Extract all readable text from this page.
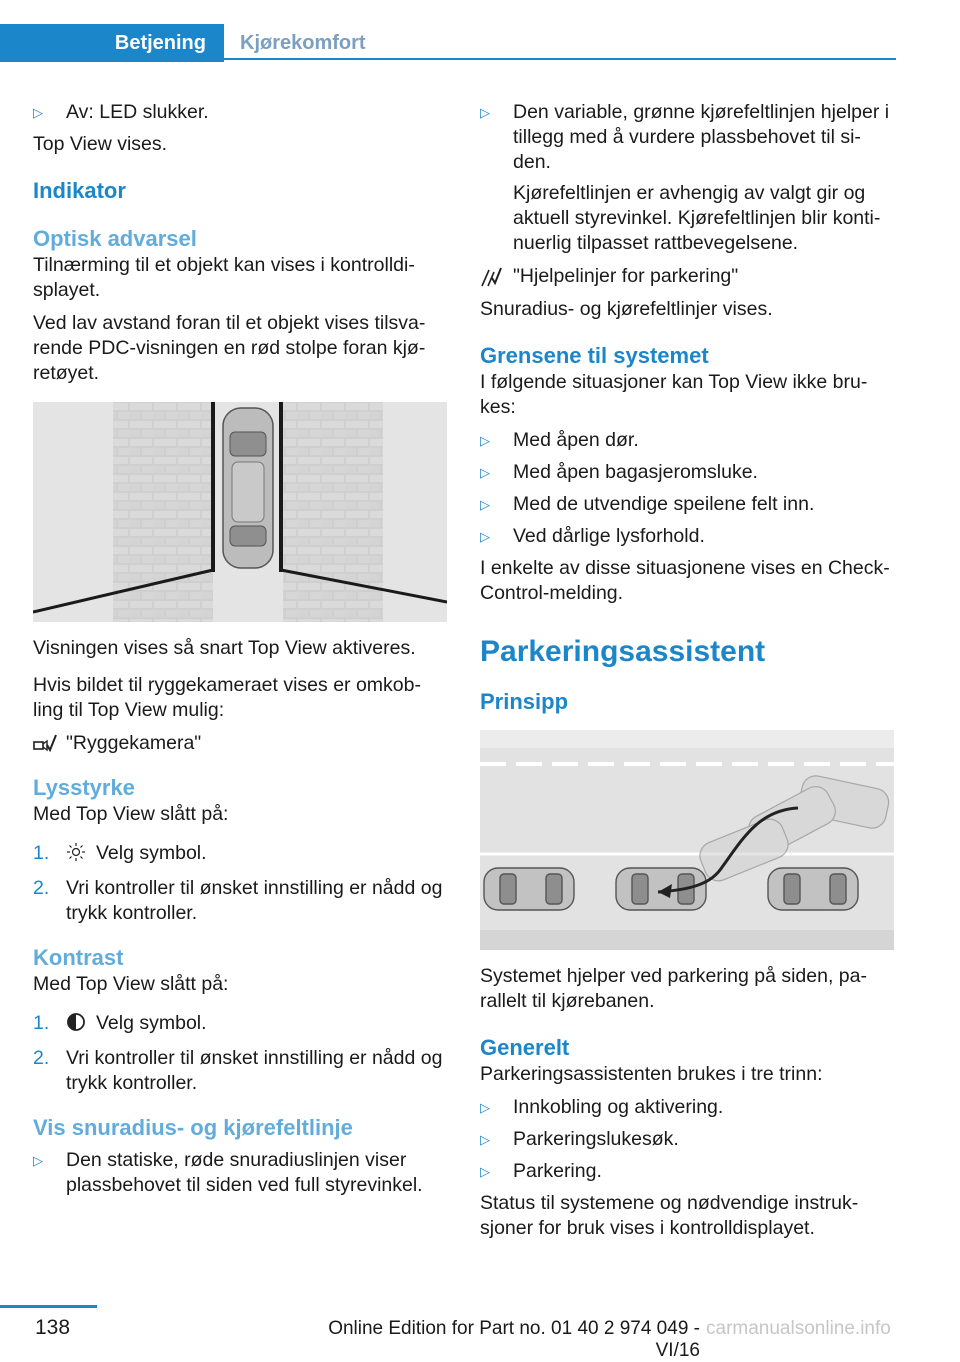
Betjening	Kjørekomfort
▷	Av: LED slukker.

Top View vises.

Indikator

Optisk advarsel

Tilnærming til et objekt kan vises i kontrolldi-splayet.

Ved lav avstand foran til et objekt vises tilsva-rende PDC-visningen en rød stolpe foran kjø-retøyet.

Visningen vises så snart Top View aktiveres.

Hvis bildet til ryggekameraet vises er omkob-ling til Top View mulig:

"Ryggekamera"

Lysstyrke

Med Top View slått på:

1.	Velg symbol.
2. Vri kontroller til ønsket innstilling er nådd og trykk kontroller.

Kontrast

Med Top View slått på:

1.	Velg symbol.
2. Vri kontroller til ønsket innstilling er nådd og trykk kontroller.

Vis snuradius- og kjørefeltlinje

▷	Den statiske, røde snuradiuslinjen viser plassbehovet til siden ved full styrevinkel.
▷	Den variable, grønne kjørefeltlinjen hjelper i tillegg med å vurdere plassbehovet til si-den.

Kjørefeltlinjen er avhengig av valgt gir og aktuell styrevinkel. Kjørefeltlinjen blir konti-nuerlig tilpasset rattbevegelsene.

"Hjelpelinjer for parkering"

Snuradius- og kjørefeltlinjer vises.

Grensene til systemet

I følgende situasjoner kan Top View ikke bru-kes:

▷	Med åpen dør.
▷	Med åpen bagasjeromsluke.
▷	Med de utvendige speilene felt inn.
▷	Ved dårlige lysforhold.

I enkelte av disse situasjonene vises en Check-Control-melding.

Parkeringsassistent

Prinsipp

Systemet hjelper ved parkering på siden, pa-rallelt til kjørebanen.

Generelt

Parkeringsassistenten brukes i tre trinn:

▷	Innkobling og aktivering.
▷	Parkeringslukesøk.
▷	Parkering.

Status til systemene og nødvendige instruk-sjoner for bruk vises i kontrolldisplayet.

138	Online Edition for Part no. 01 40 2 974 049 - VI/16
carmanualsonline.info
